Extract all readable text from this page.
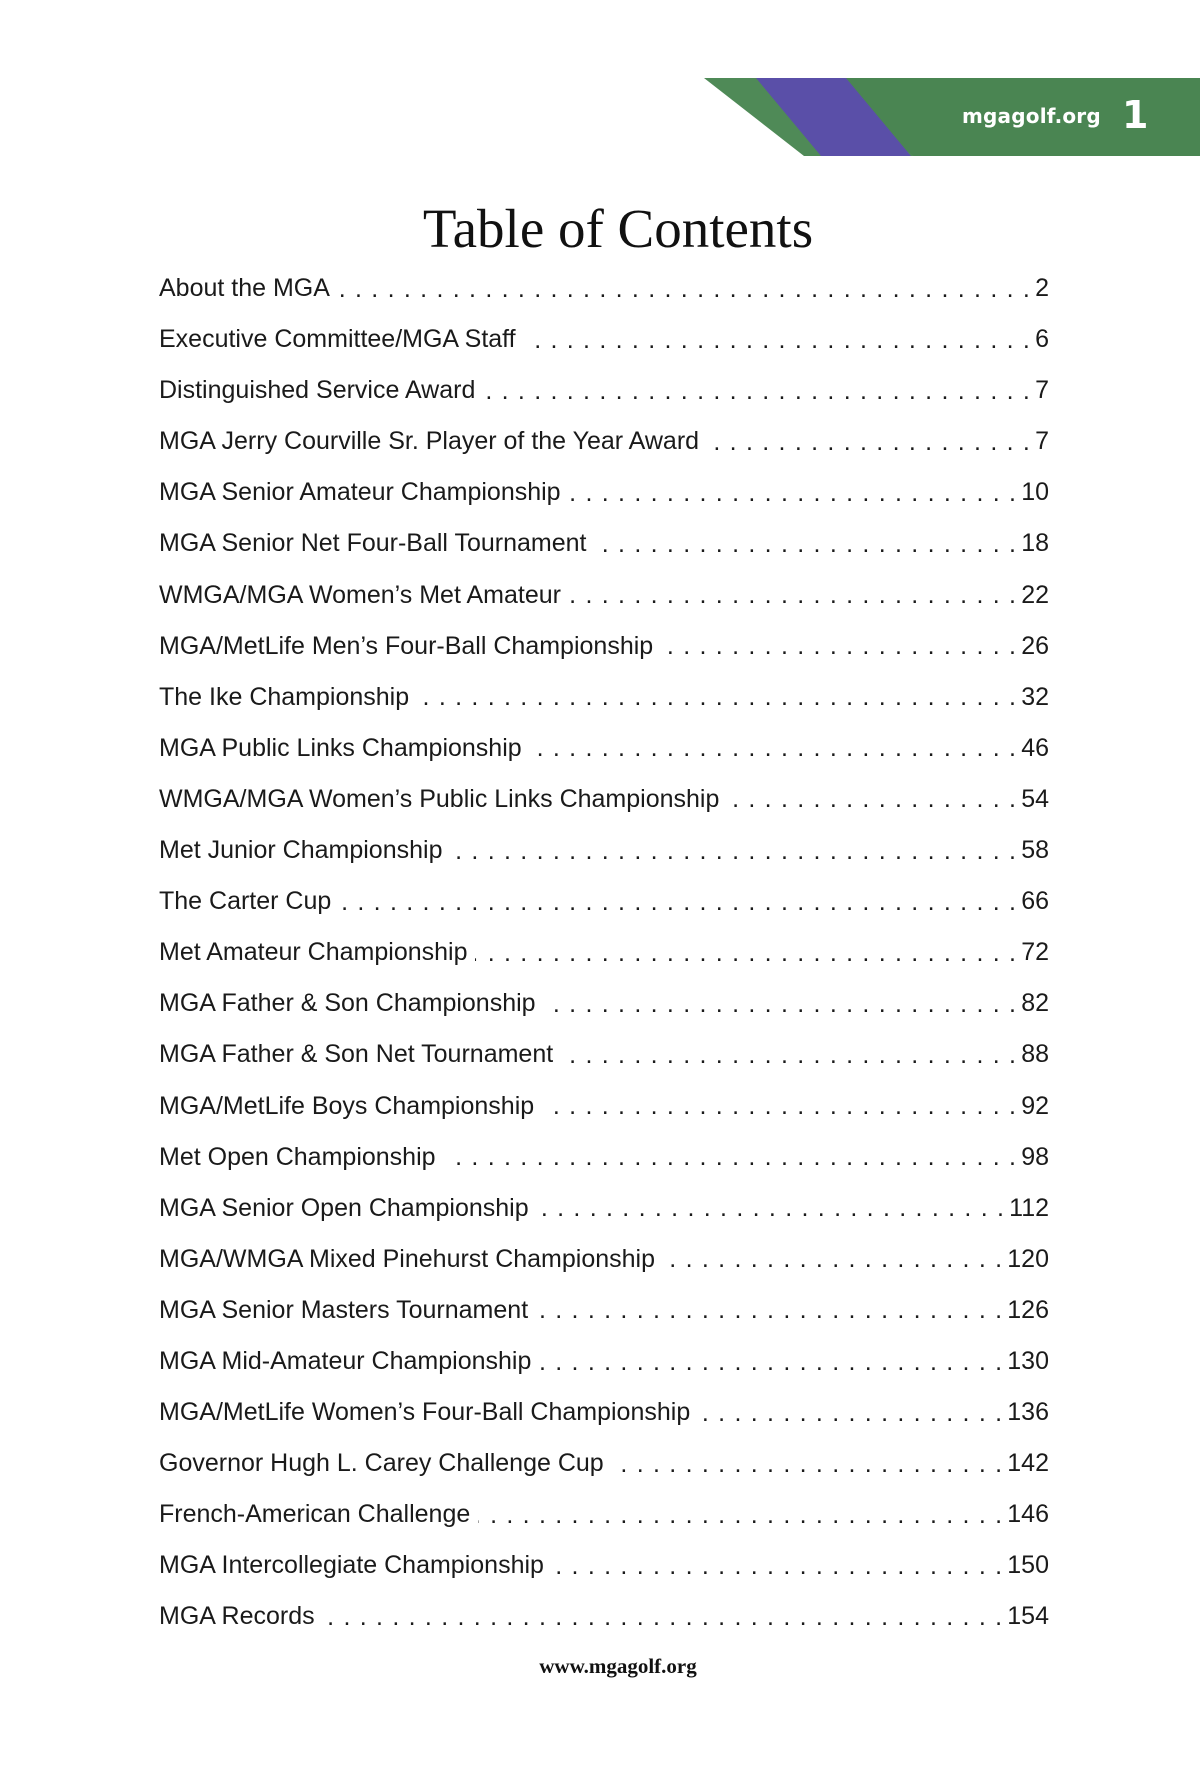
mgagolf.org 1
Table of Contents
About the MGA . . .	2
Executive Committee/MGA Staff . . .	6
Distinguished Service Award . . .	7
MGA Jerry Courville Sr. Player of the Year Award . . .	7
MGA Senior Amateur Championship . . .	10
MGA Senior Net Four-Ball Tournament . . .	18
WMGA/MGA Women’s Met Amateur . . .	22
MGA/MetLife Men’s Four-Ball Championship . . .	26
The Ike Championship . . .	32
MGA Public Links Championship . . .	46
WMGA/MGA Women’s Public Links Championship . . .	54
Met Junior Championship . . .	58
The Carter Cup . . .	66
Met Amateur Championship . . .	72
MGA Father & Son Championship . . .	82
MGA Father & Son Net Tournament . . .	88
MGA/MetLife Boys Championship . . .	92
Met Open Championship . . .	98
MGA Senior Open Championship . . .	112
MGA/WMGA Mixed Pinehurst Championship . . .	120
MGA Senior Masters Tournament . . .	126
MGA Mid-Amateur Championship . . .	130
MGA/MetLife Women’s Four-Ball Championship . . .	136
Governor Hugh L. Carey Challenge Cup . . .	142
French-American Challenge . . .	146
MGA Intercollegiate Championship . . .	150
MGA Records . . .	154
www.mgagolf.org
